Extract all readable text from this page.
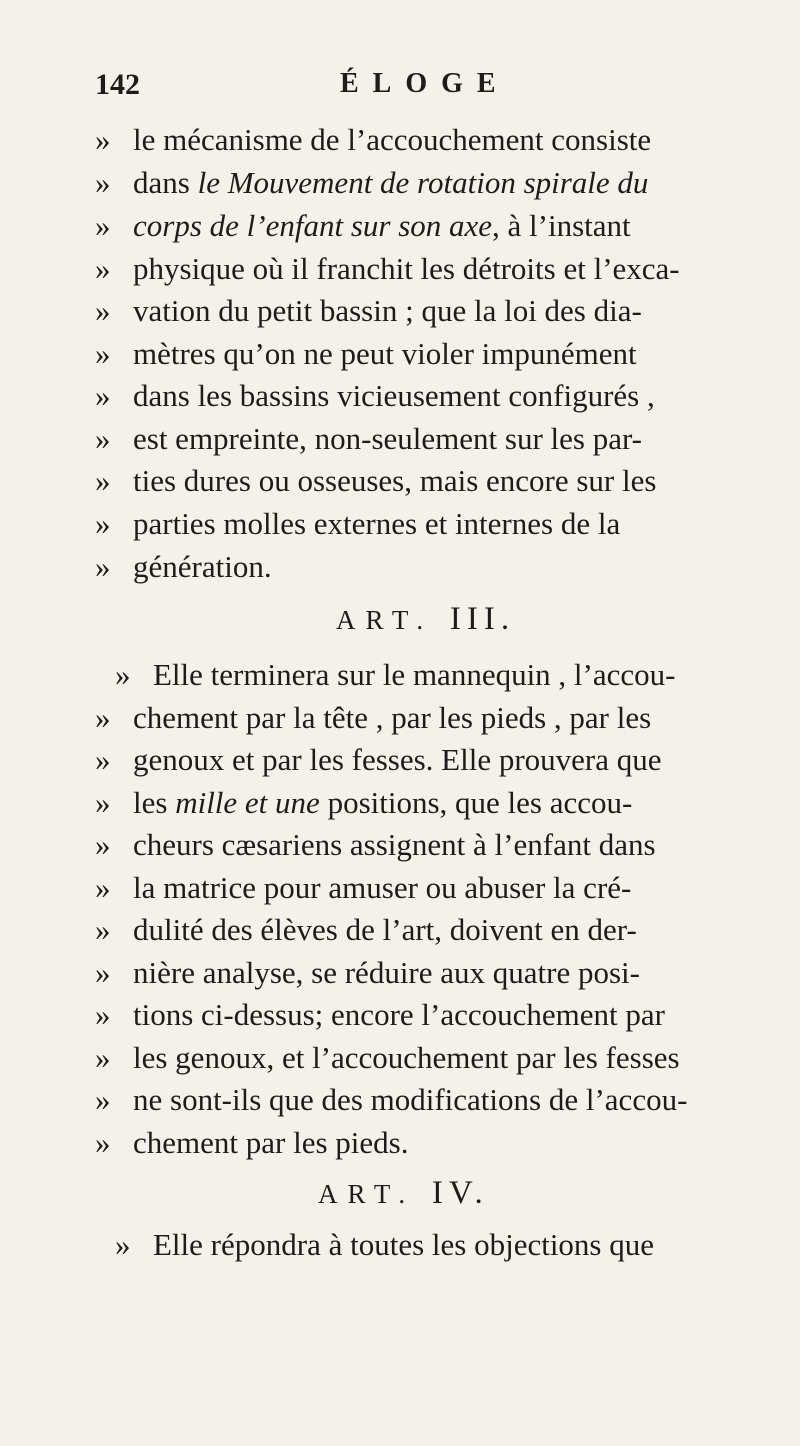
142	ÉLOGE
» le mécanisme de l’accouchement consiste
» dans le Mouvement de rotation spirale du
» corps de l’enfant sur son axe, à l’instant
» physique où il franchit les détroits et l’exca-
» vation du petit bassin ; que la loi des dia-
» mètres qu’on ne peut violer impunément
» dans les bassins vicieusement configurés ,
» est empreinte, non-seulement sur les par-
» ties dures ou osseuses, mais encore sur les
» parties molles externes et internes de la
» génération.
ART. III.
» Elle terminera sur le mannequin , l’accou-
» chement par la tête , par les pieds , par les
» genoux et par les fesses. Elle prouvera que
» les mille et une positions, que les accou-
» cheurs cæsariens assignent à l’enfant dans
» la matrice pour amuser ou abuser la cré-
» dulité des élèves de l’art, doivent en der-
» nière analyse, se réduire aux quatre posi-
» tions ci-dessus; encore l’accouchement par
» les genoux, et l’accouchement par les fesses
» ne sont-ils que des modifications de l’accou-
» chement par les pieds.
ART. IV.
» Elle répondra à toutes les objections que
